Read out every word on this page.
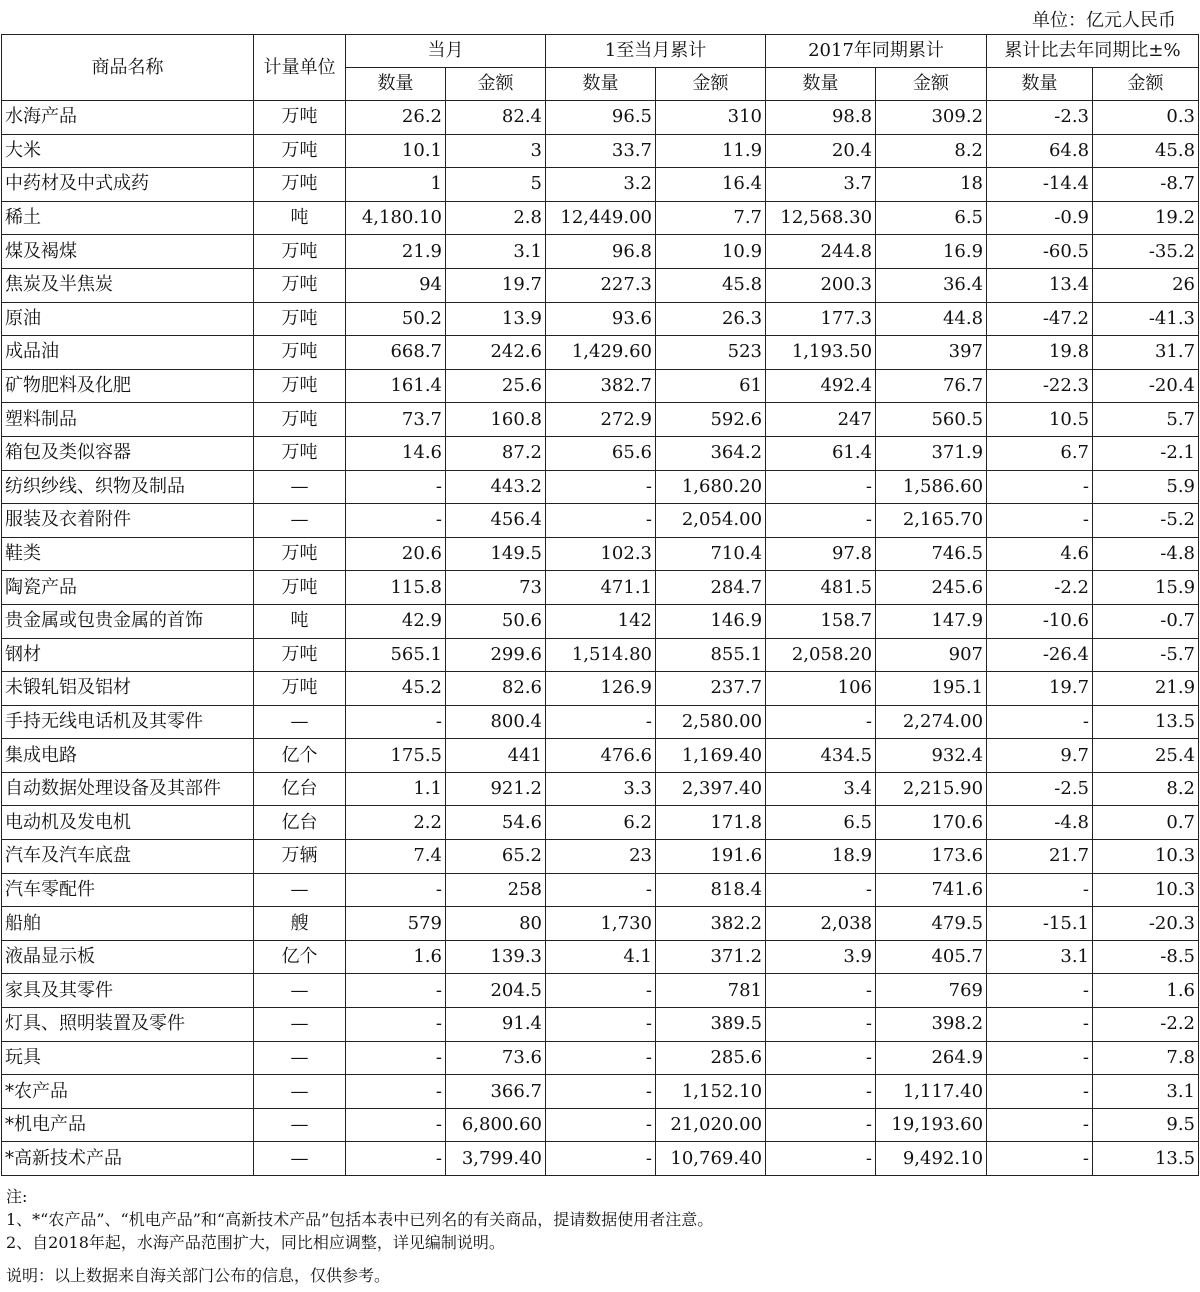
单位：亿元人民币
商品名称	计量单位	当月		1至当月累计		2017年同期累计		累计比去年同期比±%	
		数量	金额	数量	金额	数量	金额	数量	金额
水海产品	万吨	26.2	82.4	96.5	310	98.8	309.2	-2.3	0.3
大米	万吨	10.1	3	33.7	11.9	20.4	8.2	64.8	45.8
中药材及中式成药	万吨	1	5	3.2	16.4	3.7	18	-14.4	-8.7
稀土	吨	4,180.10	2.8	12,449.00	7.7	12,568.30	6.5	-0.9	19.2
煤及褐煤	万吨	21.9	3.1	96.8	10.9	244.8	16.9	-60.5	-35.2
焦炭及半焦炭	万吨	94	19.7	227.3	45.8	200.3	36.4	13.4	26
原油	万吨	50.2	13.9	93.6	26.3	177.3	44.8	-47.2	-41.3
成品油	万吨	668.7	242.6	1,429.60	523	1,193.50	397	19.8	31.7
矿物肥料及化肥	万吨	161.4	25.6	382.7	61	492.4	76.7	-22.3	-20.4
塑料制品	万吨	73.7	160.8	272.9	592.6	247	560.5	10.5	5.7
箱包及类似容器	万吨	14.6	87.2	65.6	364.2	61.4	371.9	6.7	-2.1
纺织纱线、织物及制品	—	-	443.2	-	1,680.20	-	1,586.60	-	5.9
服装及衣着附件	—	-	456.4	-	2,054.00	-	2,165.70	-	-5.2
鞋类	万吨	20.6	149.5	102.3	710.4	97.8	746.5	4.6	-4.8
陶瓷产品	万吨	115.8	73	471.1	284.7	481.5	245.6	-2.2	15.9
贵金属或包贵金属的首饰	吨	42.9	50.6	142	146.9	158.7	147.9	-10.6	-0.7
钢材	万吨	565.1	299.6	1,514.80	855.1	2,058.20	907	-26.4	-5.7
未锻轧铝及铝材	万吨	45.2	82.6	126.9	237.7	106	195.1	19.7	21.9
手持无线电话机及其零件	—	-	800.4	-	2,580.00	-	2,274.00	-	13.5
集成电路	亿个	175.5	441	476.6	1,169.40	434.5	932.4	9.7	25.4
自动数据处理设备及其部件	亿台	1.1	921.2	3.3	2,397.40	3.4	2,215.90	-2.5	8.2
电动机及发电机	亿台	2.2	54.6	6.2	171.8	6.5	170.6	-4.8	0.7
汽车及汽车底盘	万辆	7.4	65.2	23	191.6	18.9	173.6	21.7	10.3
汽车零配件	—	-	258	-	818.4	-	741.6	-	10.3
船舶	艘	579	80	1,730	382.2	2,038	479.5	-15.1	-20.3
液晶显示板	亿个	1.6	139.3	4.1	371.2	3.9	405.7	3.1	-8.5
家具及其零件	—	-	204.5	-	781	-	769	-	1.6
灯具、照明装置及零件	—	-	91.4	-	389.5	-	398.2	-	-2.2
玩具	—	-	73.6	-	285.6	-	264.9	-	7.8
*农产品	—	-	366.7	-	1,152.10	-	1,117.40	-	3.1
*机电产品	—	-	6,800.60	-	21,020.00	-	19,193.60	-	9.5
*高新技术产品	—	-	3,799.40	-	10,769.40	-	9,492.10	-	13.5
注:
1、*“农产品”、“机电产品”和“高新技术产品”包括本表中已列名的有关商品，提请数据使用者注意。
2、自2018年起，水海产品范围扩大，同比相应调整，详见编制说明。
说明：以上数据来自海关部门公布的信息，仅供参考。
